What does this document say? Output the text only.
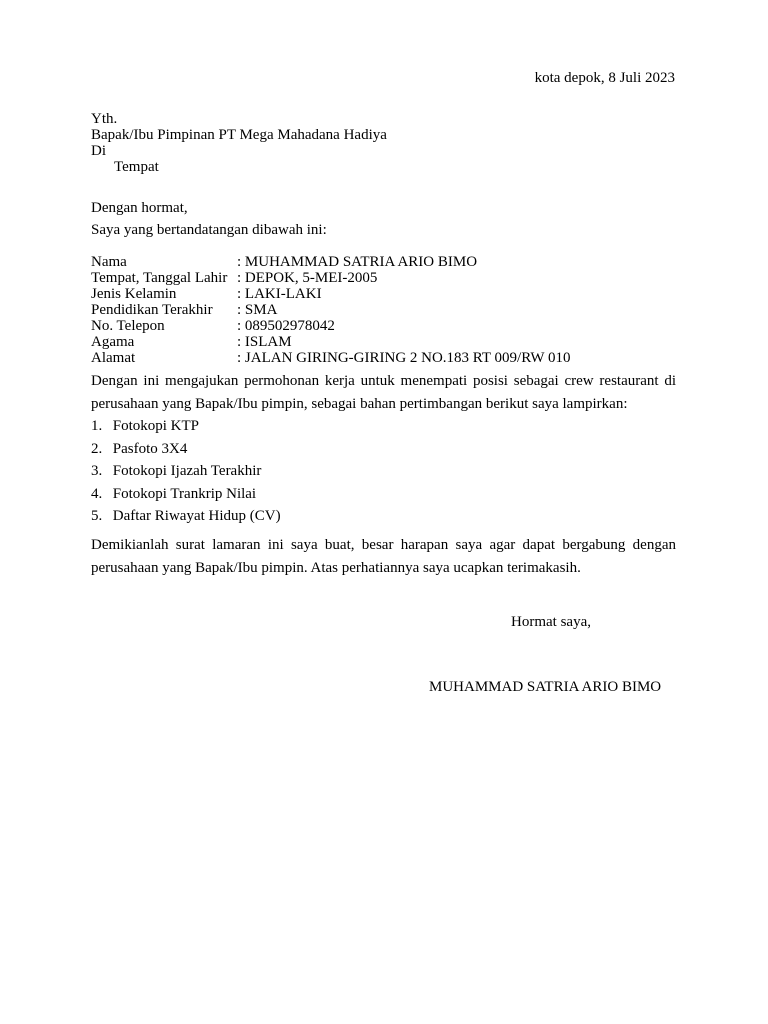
kota depok, 8 Juli 2023
Yth.
Bapak/Ibu Pimpinan PT Mega Mahadana Hadiya
Di
Tempat
Dengan hormat,
Saya yang bertandatangan dibawah ini:
Nama	: MUHAMMAD SATRIA ARIO BIMO
Tempat, Tanggal Lahir : DEPOK, 5-MEI-2005
Jenis Kelamin	: LAKI-LAKI
Pendidikan Terakhir	: SMA
No. Telepon	: 089502978042
Agama	: ISLAM
Alamat	: JALAN GIRING-GIRING 2 NO.183 RT 009/RW 010
Dengan ini mengajukan permohonan kerja untuk menempati posisi sebagai crew restaurant di perusahaan yang Bapak/Ibu pimpin, sebagai bahan pertimbangan berikut saya lampirkan:
1. Fotokopi KTP
2. Pasfoto 3X4
3. Fotokopi Ijazah Terakhir
4. Fotokopi Trankrip Nilai
5. Daftar Riwayat Hidup (CV)
Demikianlah surat lamaran ini saya buat, besar harapan saya agar dapat bergabung dengan perusahaan yang Bapak/Ibu pimpin. Atas perhatiannya saya ucapkan terimakasih.
Hormat saya,
MUHAMMAD SATRIA ARIO BIMO
